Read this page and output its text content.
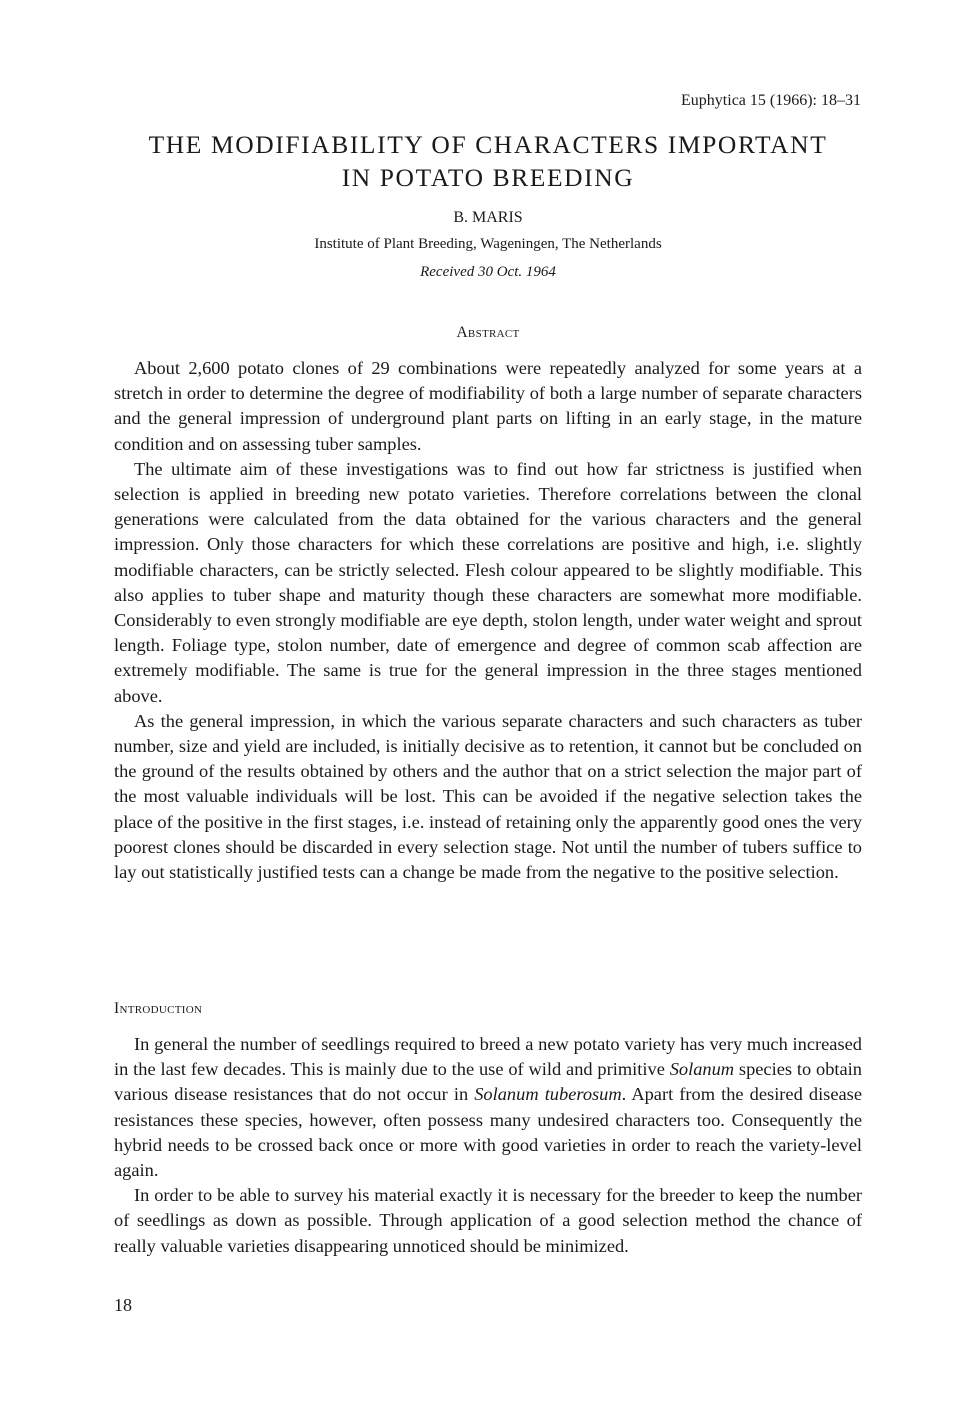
Euphytica 15 (1966): 18–31
THE MODIFIABILITY OF CHARACTERS IMPORTANT
IN POTATO BREEDING
B. MARIS
Institute of Plant Breeding, Wageningen, The Netherlands
Received 30 Oct. 1964
Abstract

About 2,600 potato clones of 29 combinations were repeatedly analyzed for some years at a stretch in order to determine the degree of modifiability of both a large number of separate characters and the general impression of underground plant parts on lifting in an early stage, in the mature condition and on assessing tuber samples.

The ultimate aim of these investigations was to find out how far strictness is justified when selection is applied in breeding new potato varieties. Therefore correlations between the clonal generations were calculated from the data obtained for the various characters and the general impression. Only those characters for which these correlations are positive and high, i.e. slightly modifiable characters, can be strictly selected. Flesh colour appeared to be slightly modifiable. This also applies to tuber shape and maturity though these characters are somewhat more modifiable. Considerably to even strongly modifiable are eye depth, stolon length, under water weight and sprout length. Foliage type, stolon number, date of emergence and degree of common scab affection are extremely modifiable. The same is true for the general impression in the three stages mentioned above.

As the general impression, in which the various separate characters and such characters as tuber number, size and yield are included, is initially decisive as to retention, it cannot but be concluded on the ground of the results obtained by others and the author that on a strict selection the major part of the most valuable individuals will be lost. This can be avoided if the negative selection takes the place of the positive in the first stages, i.e. instead of retaining only the apparently good ones the very poorest clones should be discarded in every selection stage. Not until the number of tubers suffice to lay out statistically justified tests can a change be made from the negative to the positive selection.

Introduction

In general the number of seedlings required to breed a new potato variety has very much increased in the last few decades. This is mainly due to the use of wild and primitive Solanum species to obtain various disease resistances that do not occur in Solanum tuberosum. Apart from the desired disease resistances these species, however, often possess many undesired characters too. Consequently the hybrid needs to be crossed back once or more with good varieties in order to reach the variety-level again.

In order to be able to survey his material exactly it is necessary for the breeder to keep the number of seedlings as down as possible. Through application of a good selection method the chance of really valuable varieties disappearing unnoticed should be minimized.

18
